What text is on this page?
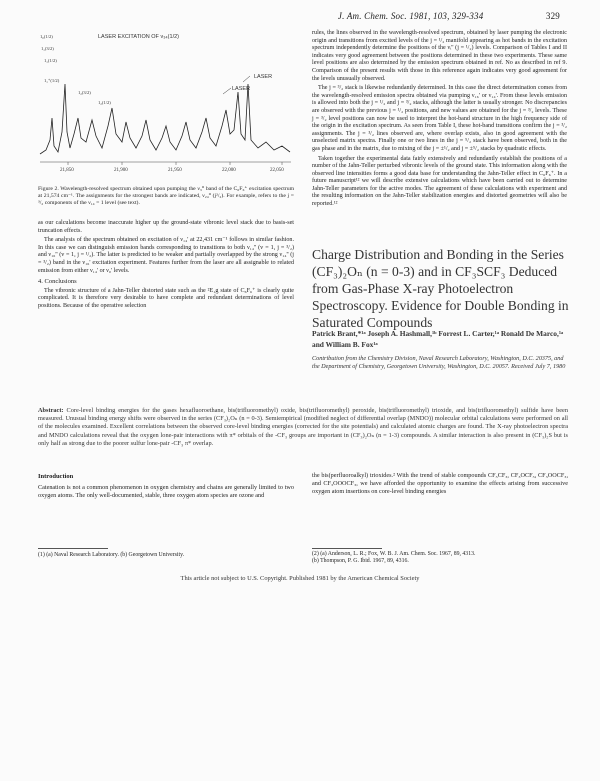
J. Am. Chem. Soc. 1981, 103, 329-334	329
LASER EXCITATION OF ν₃₄(1/2)
LASER
LASER
1₀(1/2)
1₁(3/2)
1₁(1/2)
1₁⁺(1/2)
1₂(3/2)
1₂(1/2)
21,850	21,900	21,950	22,000	22,050
Figure 2. Wavelength-resolved spectrum obtained upon pumping the ν₃⁰ band of the C₆F₆⁺ excitation spectrum at 21,574 cm⁻¹. The assignments for the strongest bands are indicated, ν₂₄⁰ (j²/₂). For example, refers to the j = ³/₂ components of the ν₁₄ = 1 level (see text).

as our calculations become inaccurate higher up the ground-state vibronic level stack due to basis-set truncation effects.

The analysis of the spectrum obtained on excitation of ν₁₄' at 22,431 cm⁻¹ follows in similar fashion. In this case we can distinguish emission bands corresponding to transitions to both ν₁₄'' (v = 1, j = ³/₂) and ν₁₆'' (v = 1, j = ¹/₂). The latter is predicted to be weaker and partially overlapped by the strong ν₁₄'' (j = ³/₂) band in the ν₁₆' excitation experiment. Features further from the laser are all assignable to related emission from either ν₁₄' or ν₀' levels.

4. Conclusions

The vibronic structure of a Jahn-Teller distorted state such as the ²E₁g state of C₆F₆⁺ is clearly quite complicated. It is therefore very desirable to have complete and redundant determinations of level positions. Because of the operative selection

rules, the lines observed in the wavelength-resolved spectrum, obtained by laser pumping the electronic origin and transitions from excited levels of the j = ¹/₂ manifold appearing as hot bands in the excitation spectrum independently determine the positions of the νᵢ'' (j = ¹/₂) levels. Comparison of Tables I and II indicates very good agreement between the positions determined in these two experiments. These same level positions are also determined by the emission spectrum obtained in ref. No as described in ref 9. Comparison of the present results with those in this reference again indicates very good agreement for the levels unusually observed.

The j = ³/₂ stack is likewise redundantly determined. In this case the direct determination comes from the wavelength-resolved emission spectra obtained via pumping ν₁₆' or ν₁₄'. From these levels emission is allowed into both the j = ¹/₂ and j = ³/₂ stacks, although the latter is usually stronger. No discrepancies are observed with the previous j = ¹/₂ positions, and new values are obtained for the j = ³/₂ levels. These j = ³/₂ level positions can now be used to interpret the hot-band structure in the high frequency side of the origin in the excitation spectrum. As seen from Table I, these hot-band transitions confirm the j = ³/₂ assignments. The j = ³/₂ lines observed are, where overlap exists, also in good agreement with the unselected matrix spectra. Finally one or two lines in the j = ⁵/₂ stack have been observed, both in the gas phase and in the matrix, due to mixing of the j = ±¹/₂ and j = ±⁵/₂ stacks by quadratic effects.

Taken together the experimental data fairly extensively and redundantly establish the positions of a number of the Jahn-Teller perturbed vibronic levels of the ground state. This information along with the observed line intensities forms a good data base for understanding the Jahn-Teller effect in C₆F₆⁺. In a future manuscript¹² we will describe extensive calculations which have been carried out to determine Jahn-Teller parameters for the active modes. The agreement of these calculations with experiment and the resulting information on the Jahn-Teller stabilization energies and distorted geometries will also be reported.¹²

Charge Distribution and Bonding in the Series (CF₃)₂Oₙ (n = 0-3) and in CF₃SCF₃ Deduced from Gas-Phase X-ray Photoelectron Spectroscopy. Evidence for Double Bonding in Saturated Compounds
Patrick Brant,*¹ᵃ Joseph A. Hashmall,¹ᵇ Forrest L. Carter,¹ᵃ Ronald De Marco,¹ᵃ and William B. Fox¹ᵃ
Contribution from the Chemistry Division, Naval Research Laboratory, Washington, D.C. 20375, and the Department of Chemistry, Georgetown University, Washington, D.C. 20057. Received July 7, 1980
Abstract: Core-level binding energies for the gases hexafluoroethane, bis(trifluoromethyl) oxide, bis(trifluoromethyl) peroxide, bis(trifluoromethyl) trioxide, and bis(trifluoromethyl) sulfide have been measured. Unusual binding energy shifts were observed in the series (CF₃)₂Oₙ (n = 0-3). Semiempirical (modified neglect of differential overlap (MNDO)) molecular orbital calculations were performed on all of the molecules examined. Excellent correlations between the observed core-level binding energies (corrected for the site potentials) and calculated atomic charges are found. The X-ray photoelectron spectra and MNDO calculations reveal that the oxygen lone-pair interactions with π* orbitals of the -CF₃ groups are important in (CF₃)₂Oₙ (n = 1-3) compounds. A similar interaction is also present in (CF₃)₂S but is only half as strong due to the poorer sulfur lone-pair -CF₃ π* overlap.
Introduction
Catenation is not a common phenomenon in oxygen chemistry and chains are generally limited to two oxygen atoms. The only well-documented, stable, three oxygen atom species are ozone and
the bis(perfluoroalkyl) trioxides.² With the trend of stable compounds CF₃CF₃, CF₃OCF₃, CF₃OOCF₃, and CF₃OOOCF₃, we have afforded the opportunity to examine the effects arising from successive oxygen atom insertions on core-level binding energies
(1) (a) Naval Research Laboratory. (b) Georgetown University.	(2) (a) Anderson, L. R.; Fox, W. B. J. Am. Chem. Soc. 1967, 89, 4313.
(b) Thompson, P. G. Ibid. 1967, 89, 4316.
This article not subject to U.S. Copyright. Published 1981 by the American Chemical Society
